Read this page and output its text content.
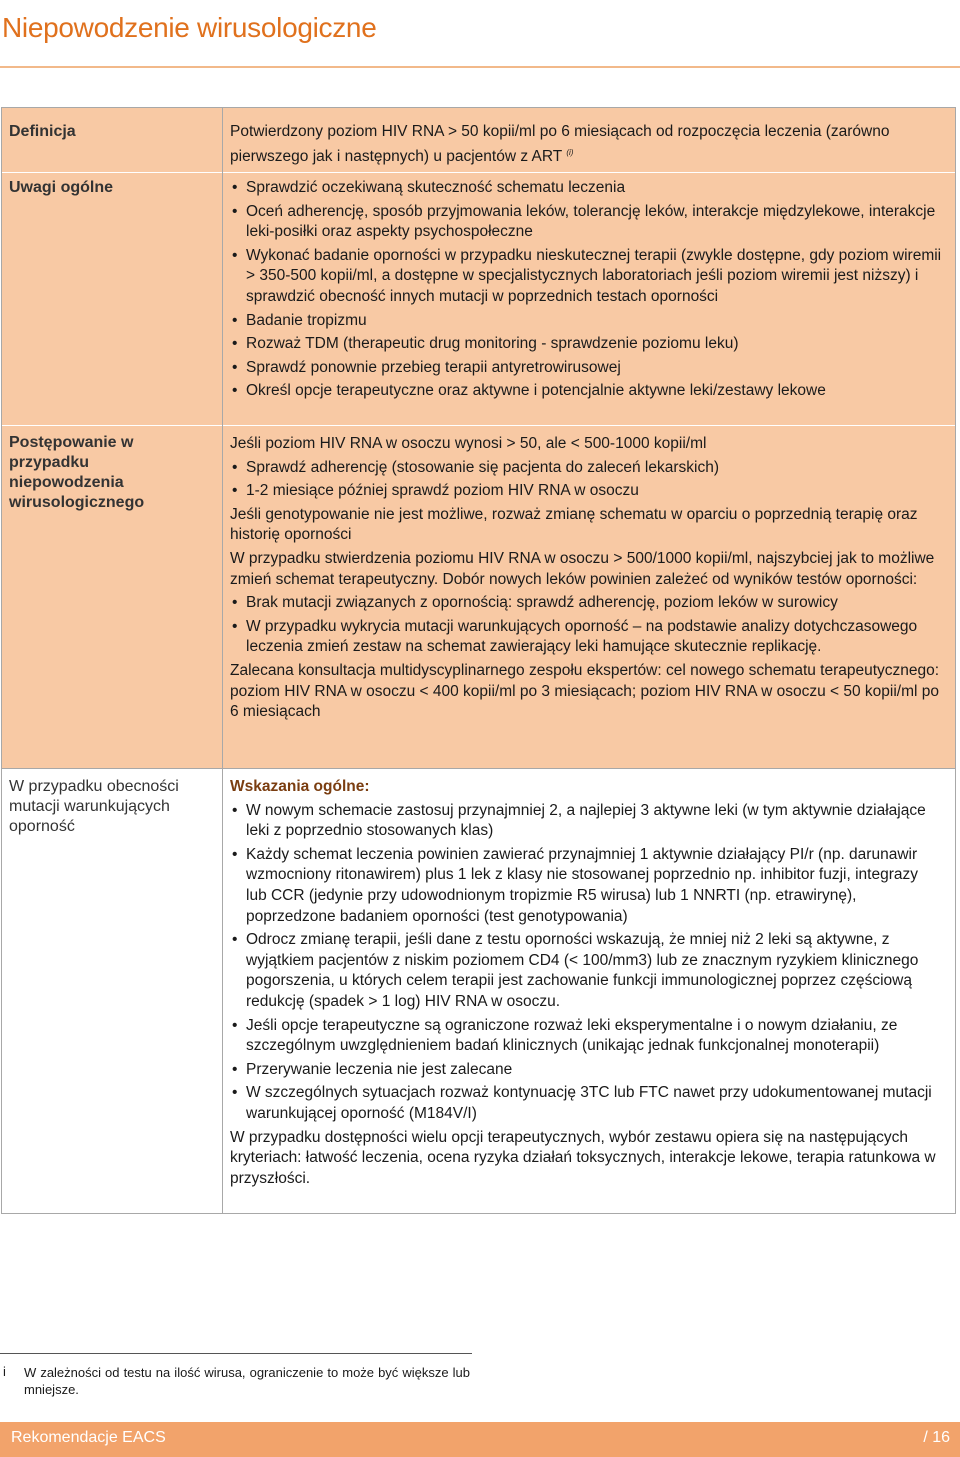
Niepowodzenie wirusologiczne
Definicja
Uwagi ogólne
Postępowanie w przypadku niepowodzenia wirusologicznego
W przypadku obecności mutacji warunkujących oporność
Potwierdzony poziom HIV RNA > 50 kopii/ml po 6 miesiącach od rozpoczęcia leczenia (zarówno pierwszego jak i następnych) u pacjentów z ART $^{(i)}$
• Sprawdzić oczekiwaną skuteczność schematu leczenia
• Oceń adherencję, sposób przyjmowania leków, tolerancję leków, interakcje międzylekowe, interakcje leki-posiłki oraz aspekty psychospołeczne
• Wykonać badanie oporności w przypadku nieskutecznej terapii (zwykle dostępne, gdy poziom wiremii > 350-500 kopii/ml, a dostępne w specjalistycznych laboratoriach jeśli poziom wiremii jest niższy) i sprawdzić obecność innych mutacji w poprzednich testach oporności
• Badanie tropizmu
• Rozważ TDM (therapeutic drug monitoring - sprawdzenie poziomu leku)
• Sprawdź ponownie przebieg terapii antyretrowirusowej
• Określ opcje terapeutyczne oraz aktywne i potencjalnie aktywne leki/zestawy lekowe

Jeśli poziom HIV RNA w osoczu wynosi > 50, ale < 500-1000 kopii/ml

• Sprawdź adherencję (stosowanie się pacjenta do zaleceń lekarskich)
• 1-2 miesiące później sprawdź poziom HIV RNA w osoczu

Jeśli genotypowanie nie jest możliwe, rozważ zmianę schematu w oparciu o poprzednią terapię oraz historię oporności

W przypadku stwierdzenia poziomu HIV RNA w osoczu > 500/1000 kopii/ml, najszybciej jak to możliwe zmień schemat terapeutyczny. Dobór nowych leków powinien zależeć od wyników testów oporności:

• Brak mutacji związanych z opornością: sprawdź adherencję, poziom leków w surowicy
• W przypadku wykrycia mutacji warunkujących oporność – na podstawie analizy dotychczasowego leczenia zmień zestaw na schemat zawierający leki hamujące skutecznie replikację.

Zalecana konsultacja multidyscyplinarnego zespołu ekspertów: cel nowego schematu terapeutycznego: poziom HIV RNA w osoczu < 400 kopii/ml po 3 miesiącach; poziom HIV RNA w osoczu < 50 kopii/ml po 6 miesiącach

Wskazania ogólne:

• W nowym schemacie zastosuj przynajmniej 2, a najlepiej 3 aktywne leki (w tym aktywnie działające leki z poprzednio stosowanych klas)
• Każdy schemat leczenia powinien zawierać przynajmniej 1 aktywnie działający PI/r (np. darunawir wzmocniony ritonawirem) plus 1 lek z klasy nie stosowanej poprzednio np. inhibitor fuzji, integrazy lub CCR (jedynie przy udowodnionym tropizmie R5 wirusa) lub 1 NNRTI (np. etrawirynę), poprzedzone badaniem oporności (test genotypowania)
• Odrocz zmianę terapii, jeśli dane z testu oporności wskazują, że mniej niż 2 leki są aktywne, z wyjątkiem pacjentów z niskim poziomem CD4 (< 100/mm3) lub ze znacznym ryzykiem klinicznego pogorszenia, u których celem terapii jest zachowanie funkcji immunologicznej poprzez częściową redukcję (spadek > 1 log) HIV RNA w osoczu.
• Jeśli opcje terapeutyczne są ograniczone rozważ leki eksperymentalne i o nowym działaniu, ze szczególnym uwzględnieniem badań klinicznych (unikając jednak funkcjonalnej monoterapii)
• Przerywanie leczenia nie jest zalecane
• W szczególnych sytuacjach rozważ kontynuację 3TC lub FTC nawet przy udokumentowanej mutacji warunkującej oporność (M184V/I)

W przypadku dostępności wielu opcji terapeutycznych, wybór zestawu opiera się na następujących kryteriach: łatwość leczenia, ocena ryzyka działań toksycznych, interakcje lekowe, terapia ratunkowa w przyszłości.

i W zależności od testu na ilość wirusa, ograniczenie to może być większe lub mniejsze.
Rekomendacje EACS	/ 16
